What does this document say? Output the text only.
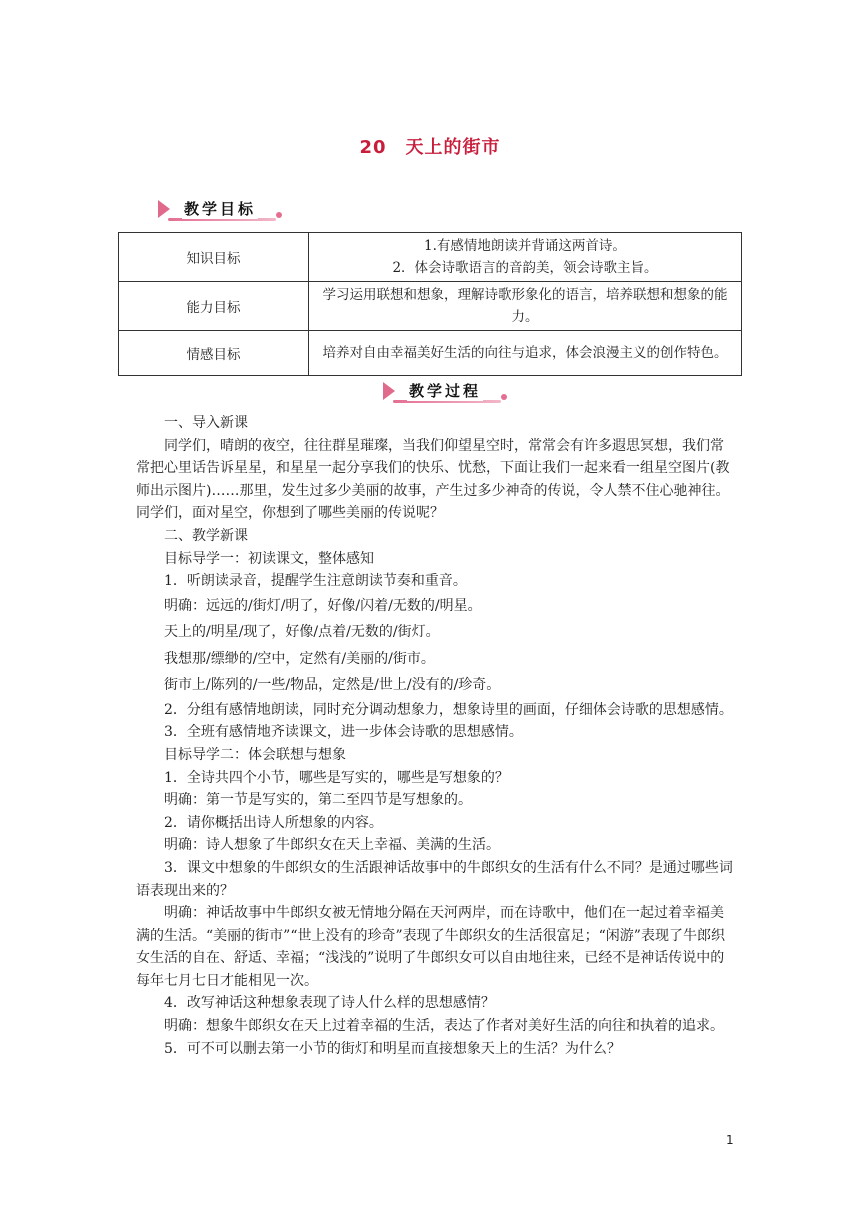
20　天上的街市
教学目标
知识目标	1.有感情地朗读并背诵这两首诗。
2．体会诗歌语言的音韵美，领会诗歌主旨。

能力目标	学习运用联想和想象，理解诗歌形象化的语言，培养联想和想象的能力。

情感目标	培养对自由幸福美好生活的向往与追求，体会浪漫主义的创作特色。
教学过程

一、导入新课

同学们，晴朗的夜空，往往群星璀璨，当我们仰望星空时，常常会有许多遐思冥想，我们常常把心里话告诉星星，和星星一起分享我们的快乐、忧愁，下面让我们一起来看一组星空图片(教师出示图片)……那里，发生过多少美丽的故事，产生过多少神奇的传说，令人禁不住心驰神往。同学们，面对星空，你想到了哪些美丽的传说呢？

二、教学新课

目标导学一：初读课文，整体感知

1．听朗读录音，提醒学生注意朗读节奏和重音。

明确：远远的/街灯/明了，好像/闪着/无数的/明星。

天上的/明星/现了，好像/点着/无数的/街灯。

我想那/缥缈的/空中，定然有/美丽的/街市。

街市上/陈列的/一些/物品，定然是/世上/没有的/珍奇。

2．分组有感情地朗读，同时充分调动想象力，想象诗里的画面，仔细体会诗歌的思想感情。

3．全班有感情地齐读课文，进一步体会诗歌的思想感情。

目标导学二：体会联想与想象

1．全诗共四个小节，哪些是写实的，哪些是写想象的？

明确：第一节是写实的，第二至四节是写想象的。

2．请你概括出诗人所想象的内容。

明确：诗人想象了牛郎织女在天上幸福、美满的生活。

3．课文中想象的牛郎织女的生活跟神话故事中的牛郎织女的生活有什么不同？是通过哪些词语表现出来的？

明确：神话故事中牛郎织女被无情地分隔在天河两岸，而在诗歌中，他们在一起过着幸福美满的生活。“美丽的街市”“世上没有的珍奇”表现了牛郎织女的生活很富足；“闲游”表现了牛郎织女生活的自在、舒适、幸福；“浅浅的”说明了牛郎织女可以自由地往来，已经不是神话传说中的每年七月七日才能相见一次。

4．改写神话这种想象表现了诗人什么样的思想感情？

明确：想象牛郎织女在天上过着幸福的生活，表达了作者对美好生活的向往和执着的追求。

5．可不可以删去第一小节的街灯和明星而直接想象天上的生活？为什么？

1
